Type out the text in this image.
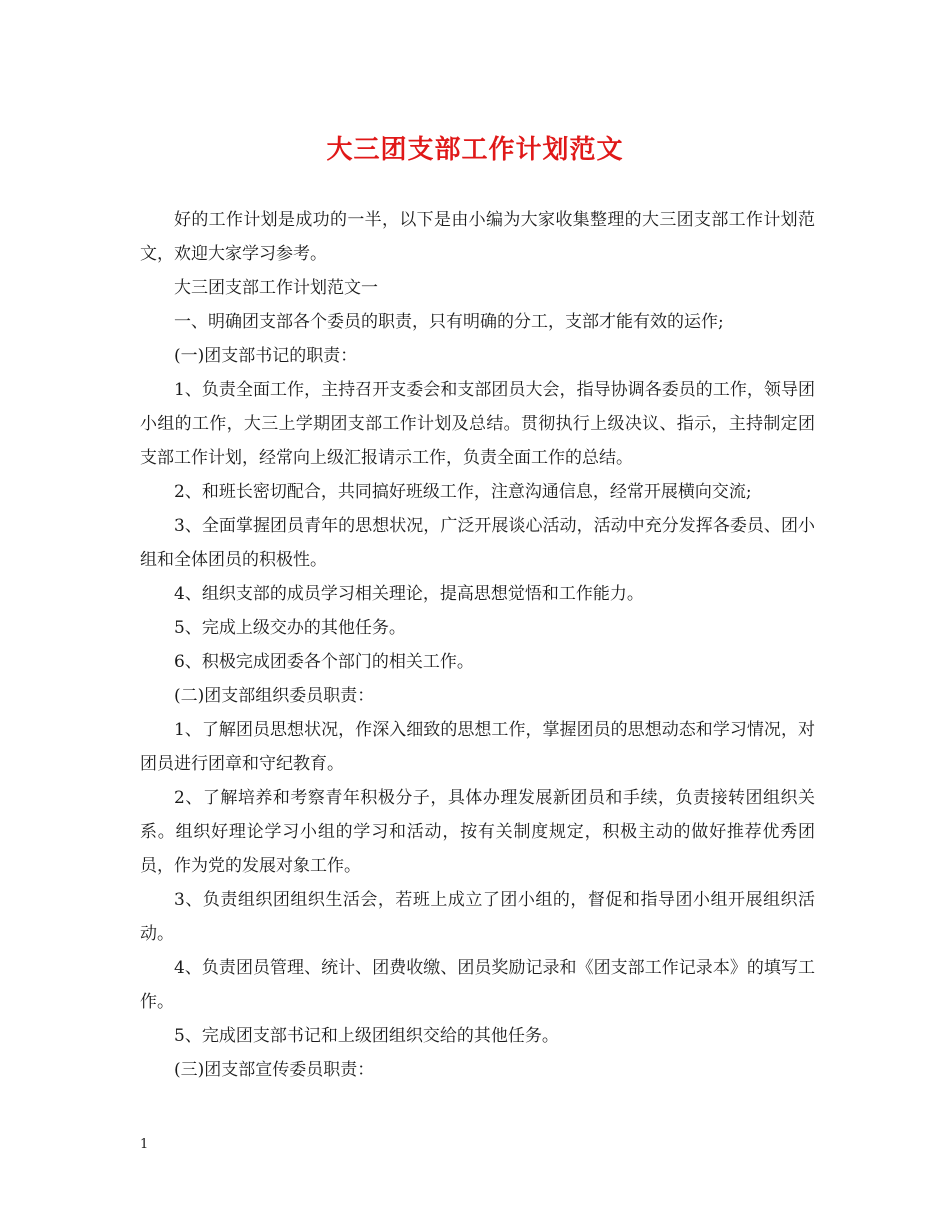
大三团支部工作计划范文

好的工作计划是成功的一半，以下是由小编为大家收集整理的大三团支部工作计划范文，欢迎大家学习参考。

大三团支部工作计划范文一

一、明确团支部各个委员的职责，只有明确的分工，支部才能有效的运作;

(一)团支部书记的职责：

1、负责全面工作，主持召开支委会和支部团员大会，指导协调各委员的工作，领导团小组的工作，大三上学期团支部工作计划及总结。贯彻执行上级决议、指示，主持制定团支部工作计划，经常向上级汇报请示工作，负责全面工作的总结。

2、和班长密切配合，共同搞好班级工作，注意沟通信息，经常开展横向交流;

3、全面掌握团员青年的思想状况，广泛开展谈心活动，活动中充分发挥各委员、团小组和全体团员的积极性。

4、组织支部的成员学习相关理论，提高思想觉悟和工作能力。

5、完成上级交办的其他任务。

6、积极完成团委各个部门的相关工作。

(二)团支部组织委员职责：

1、了解团员思想状况，作深入细致的思想工作，掌握团员的思想动态和学习情况，对团员进行团章和守纪教育。

2、了解培养和考察青年积极分子，具体办理发展新团员和手续，负责接转团组织关系。组织好理论学习小组的学习和活动，按有关制度规定，积极主动的做好推荐优秀团员，作为党的发展对象工作。

3、负责组织团组织生活会，若班上成立了团小组的，督促和指导团小组开展组织活动。

4、负责团员管理、统计、团费收缴、团员奖励记录和《团支部工作记录本》的填写工作。

5、完成团支部书记和上级团组织交给的其他任务。

(三)团支部宣传委员职责：

1
